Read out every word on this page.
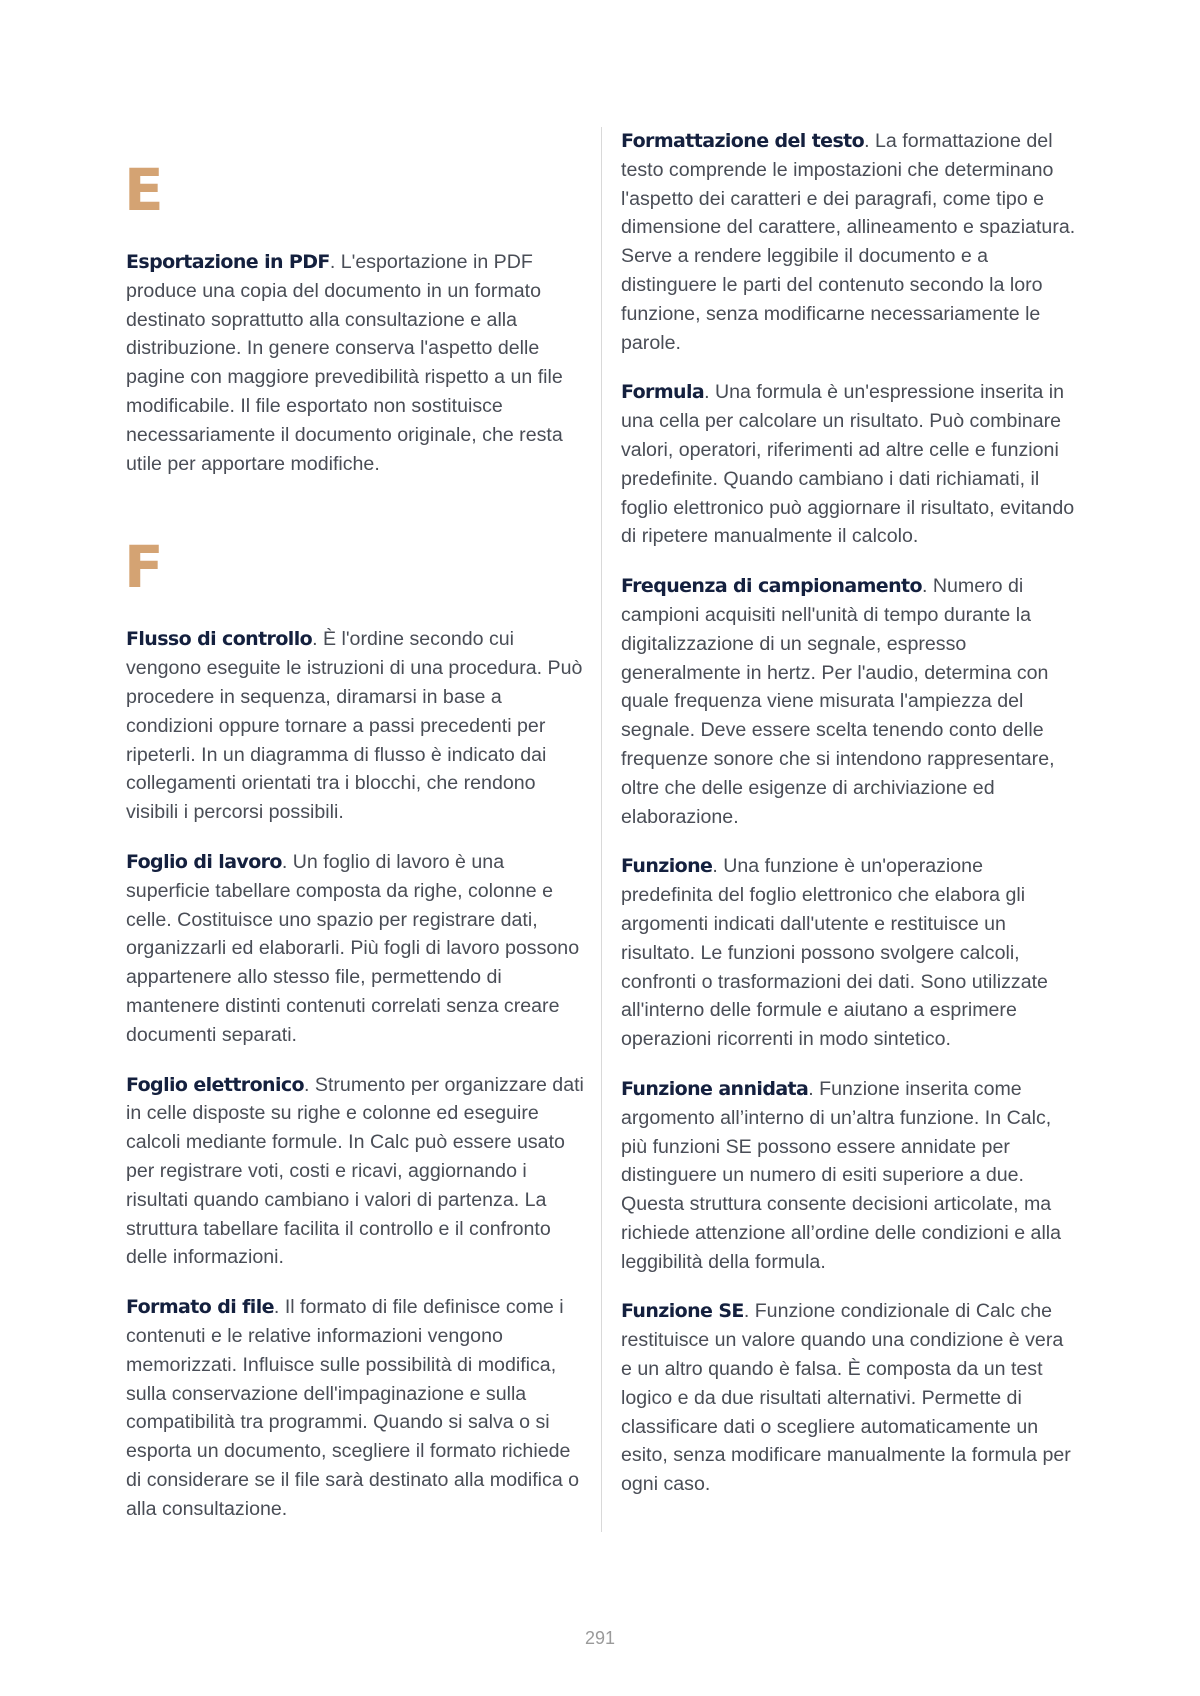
E

Esportazione in PDF. L'esportazione in PDF produce una copia del documento in un formato destinato soprattutto alla consultazione e alla distribuzione. In genere conserva l'aspetto delle pagine con maggiore prevedibilità rispetto a un file modificabile. Il file esportato non sostituisce necessariamente il documento originale, che resta utile per apportare modifiche.

F

Flusso di controllo. È l'ordine secondo cui vengono eseguite le istruzioni di una procedura. Può procedere in sequenza, diramarsi in base a condizioni oppure tornare a passi precedenti per ripeterli. In un diagramma di flusso è indicato dai collegamenti orientati tra i blocchi, che rendono visibili i percorsi possibili.

Foglio di lavoro. Un foglio di lavoro è una superficie tabellare composta da righe, colonne e celle. Costituisce uno spazio per registrare dati, organizzarli ed elaborarli. Più fogli di lavoro possono appartenere allo stesso file, permettendo di mantenere distinti contenuti correlati senza creare documenti separati.

Foglio elettronico. Strumento per organizzare dati in celle disposte su righe e colonne ed eseguire calcoli mediante formule. In Calc può essere usato per registrare voti, costi e ricavi, aggiornando i risultati quando cambiano i valori di partenza. La struttura tabellare facilita il controllo e il confronto delle informazioni.

Formato di file. Il formato di file definisce come i contenuti e le relative informazioni vengono memorizzati. Influisce sulle possibilità di modifica, sulla conservazione dell'impaginazione e sulla compatibilità tra programmi. Quando si salva o si esporta un documento, scegliere il formato richiede di considerare se il file sarà destinato alla modifica o alla consultazione.

Formattazione del testo. La formattazione del testo comprende le impostazioni che determinano l'aspetto dei caratteri e dei paragrafi, come tipo e dimensione del carattere, allineamento e spaziatura. Serve a rendere leggibile il documento e a distinguere le parti del contenuto secondo la loro funzione, senza modificarne necessariamente le parole.

Formula. Una formula è un'espressione inserita in una cella per calcolare un risultato. Può combinare valori, operatori, riferimenti ad altre celle e funzioni predefinite. Quando cambiano i dati richiamati, il foglio elettronico può aggiornare il risultato, evitando di ripetere manualmente il calcolo.

Frequenza di campionamento. Numero di campioni acquisiti nell'unità di tempo durante la digitalizzazione di un segnale, espresso generalmente in hertz. Per l'audio, determina con quale frequenza viene misurata l'ampiezza del segnale. Deve essere scelta tenendo conto delle frequenze sonore che si intendono rappresentare, oltre che delle esigenze di archiviazione ed elaborazione.

Funzione. Una funzione è un'operazione predefinita del foglio elettronico che elabora gli argomenti indicati dall'utente e restituisce un risultato. Le funzioni possono svolgere calcoli, confronti o trasformazioni dei dati. Sono utilizzate all'interno delle formule e aiutano a esprimere operazioni ricorrenti in modo sintetico.

Funzione annidata. Funzione inserita come argomento all’interno di un’altra funzione. In Calc, più funzioni SE possono essere annidate per distinguere un numero di esiti superiore a due. Questa struttura consente decisioni articolate, ma richiede attenzione all’ordine delle condizioni e alla leggibilità della formula.

Funzione SE. Funzione condizionale di Calc che restituisce un valore quando una condizione è vera e un altro quando è falsa. È composta da un test logico e da due risultati alternativi. Permette di classificare dati o scegliere automaticamente un esito, senza modificare manualmente la formula per ogni caso.

291
